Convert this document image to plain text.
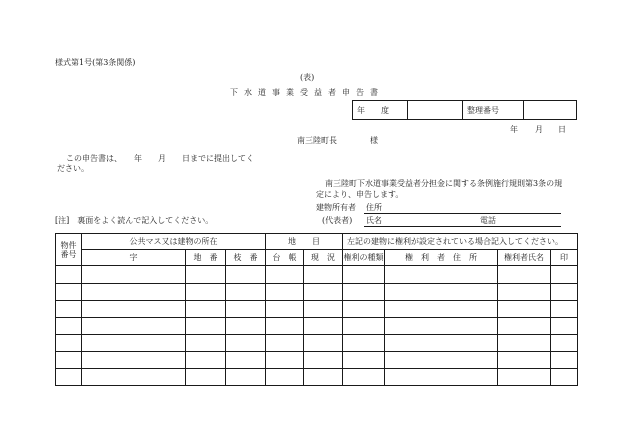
様式第1号(第3条関係)
(表)
下水道事業受益者申告書
年　　度		整理番号	
年 月 日
南三陸町長	様
この申告書は、　　年　　月　　日までに提出してく
ださい。
南三陸町下水道事業受益者分担金に関する条例施行規則第3条の規
定により、申告します。
建物所有者 住所
(代表者) 氏名	電話
[注]　裏面をよく読んで記入してください。
物件番号	公共マス又は建物の所在			地　　目		左記の建物に権利が設定されている場合記入してください。			
	字	地　番	枝　番	台　帳	現　況	権利の種類	権　利　者　住　所	権利者氏名	印
